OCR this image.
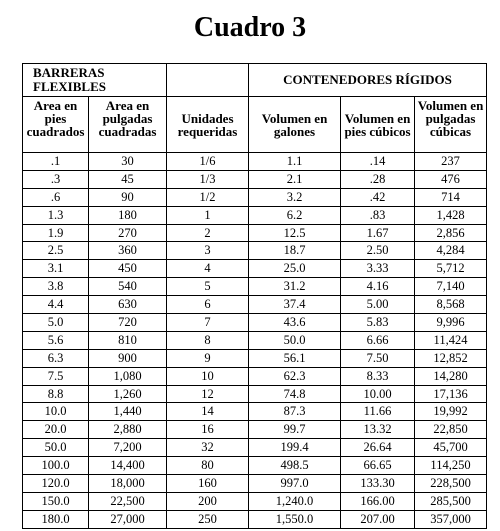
Cuadro 3
BARRERAS FLEXIBLES			CONTENEDORES RÍGIDOS		
Area en pies cuadrados	Area en pulgadas cuadradas	Unidades requeridas	Volumen en galones	Volumen en pies cúbicos	Volumen en pulgadas cúbicas
.1	30	1/6	1.1	.14	237
.3	45	1/3	2.1	.28	476
.6	90	1/2	3.2	.42	714
1.3	180	1	6.2	.83	1,428
1.9	270	2	12.5	1.67	2,856
2.5	360	3	18.7	2.50	4,284
3.1	450	4	25.0	3.33	5,712
3.8	540	5	31.2	4.16	7,140
4.4	630	6	37.4	5.00	8,568
5.0	720	7	43.6	5.83	9,996
5.6	810	8	50.0	6.66	11,424
6.3	900	9	56.1	7.50	12,852
7.5	1,080	10	62.3	8.33	14,280
8.8	1,260	12	74.8	10.00	17,136
10.0	1,440	14	87.3	11.66	19,992
20.0	2,880	16	99.7	13.32	22,850
50.0	7,200	32	199.4	26.64	45,700
100.0	14,400	80	498.5	66.65	114,250
120.0	18,000	160	997.0	133.30	228,500
150.0	22,500	200	1,240.0	166.00	285,500
180.0	27,000	250	1,550.0	207.00	357,000
